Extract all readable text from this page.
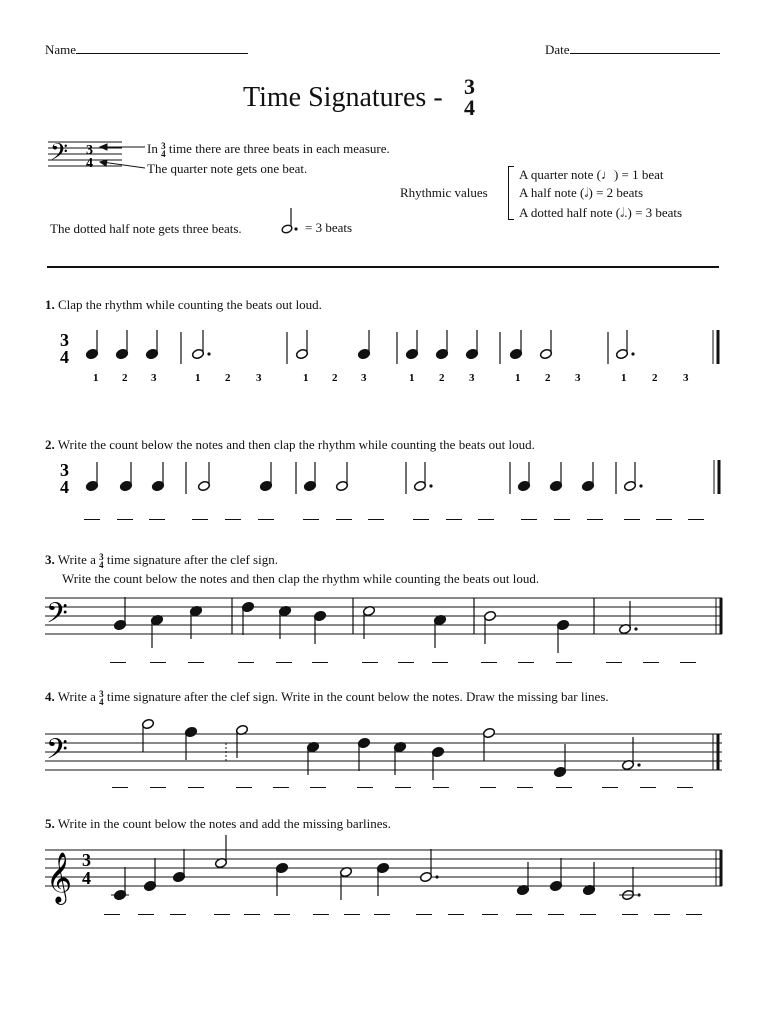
Name	Date
Time Signatures - 3
4
𝄢 3
4
In 3
4 time there are three beats in each measure.
The quarter note gets one beat.
Rhythmic values
A quarter note (♩) = 1 beat
A half note (𝅗𝅥) = 2 beats
A dotted half note (𝅗𝅥.) = 3 beats
The dotted half note gets three beats.	= 3 beats
1. Clap the rhythm while counting the beats out loud.
3
4
1 2 3	1 2 3	1 2 3	1 2 3	1 2 3	1 2 3
2. Write the count below the notes and then clap the rhythm while counting the beats out loud.
3
4
3. Write a 3
4 time signature after the clef sign.
Write the count below the notes and then clap the rhythm while counting the beats out loud.
𝄢
4. Write a 3
4 time signature after the clef sign. Write in the count below the notes. Draw the missing bar lines.
𝄢
5. Write in the count below the notes and add the missing barlines.
𝄞 3
4
